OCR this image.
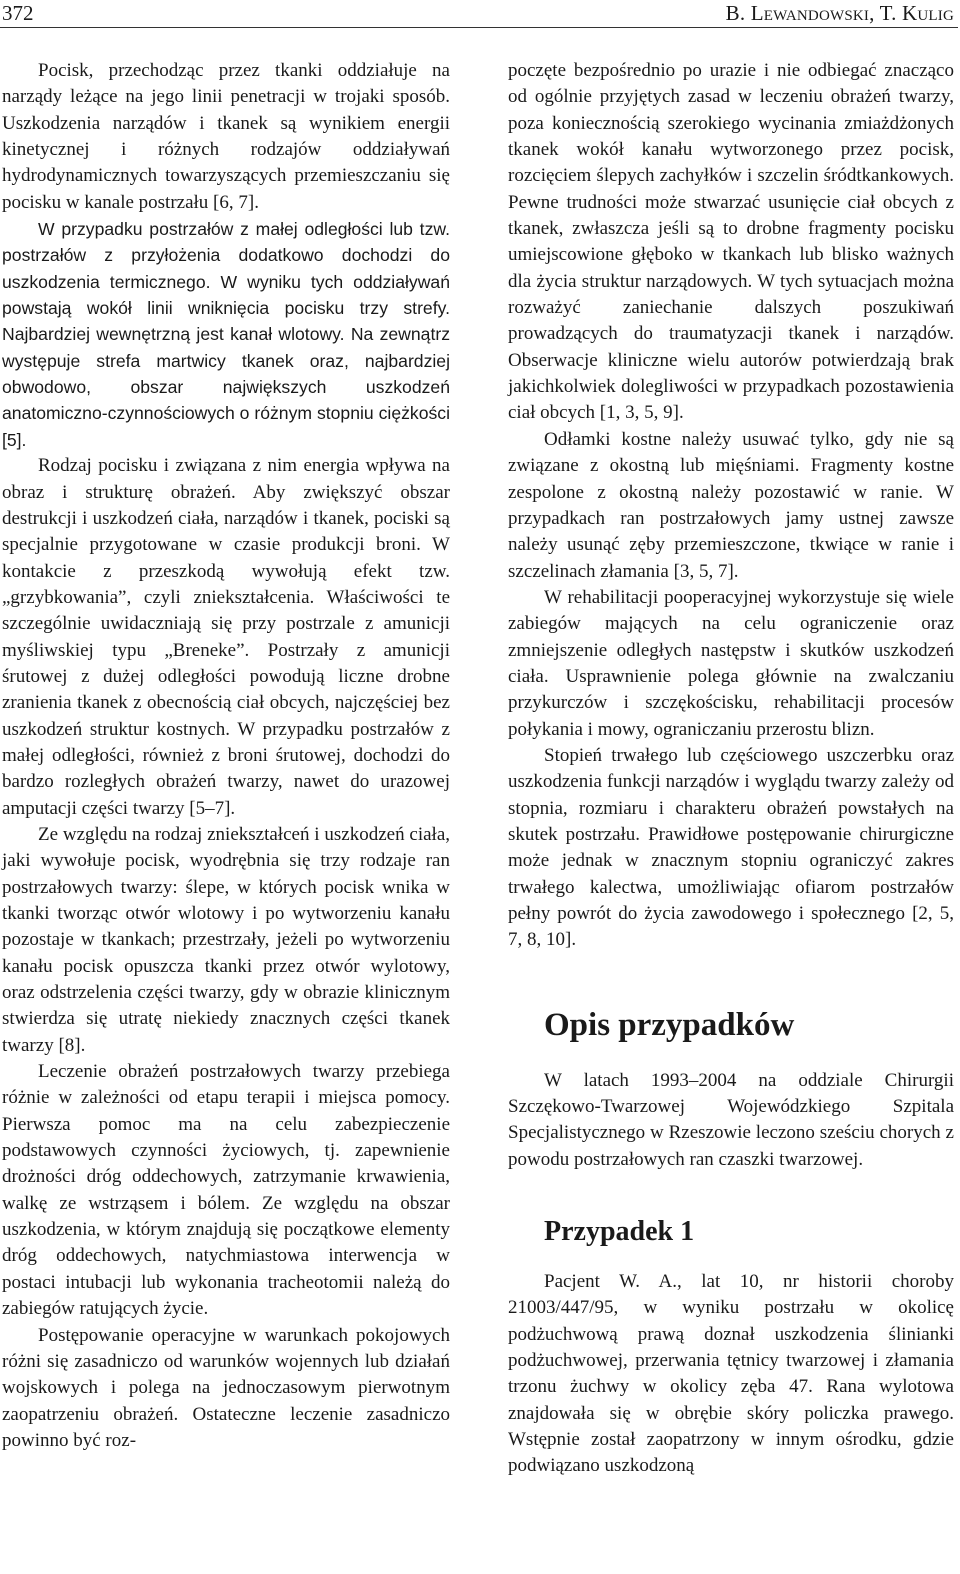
372	B. Lewandowski, T. Kulig

Pocisk, przechodząc przez tkanki oddziałuje na narządy leżące na jego linii penetracji w trojaki sposób. Uszkodzenia narządów i tkanek są wynikiem energii kinetycznej i różnych rodzajów oddziaływań hydrodynamicznych towarzyszących przemieszczaniu się pocisku w kanale postrzału [6, 7].

W przypadku postrzałów z małej odległości lub tzw. postrzałów z przyłożenia dodatkowo dochodzi do uszkodzenia termicznego. W wyniku tych oddziaływań powstają wokół linii wniknięcia pocisku trzy strefy. Najbardziej wewnętrzną jest kanał wlotowy. Na zewnątrz występuje strefa martwicy tkanek oraz, najbardziej obwodowo, obszar największych uszkodzeń anatomiczno-czynnościowych o różnym stopniu ciężkości [5].

Rodzaj pocisku i związana z nim energia wpływa na obraz i strukturę obrażeń. Aby zwiększyć obszar destrukcji i uszkodzeń ciała, narządów i tkanek, pociski są specjalnie przygotowane w czasie produkcji broni. W kontakcie z przeszkodą wywołują efekt tzw. „grzybkowania”, czyli zniekształcenia. Właściwości te szczególnie uwidaczniają się przy postrzale z amunicji myśliwskiej typu „Breneke”. Postrzały z amunicji śrutowej z dużej odległości powodują liczne drobne zranienia tkanek z obecnością ciał obcych, najczęściej bez uszkodzeń struktur kostnych. W przypadku postrzałów z małej odległości, również z broni śrutowej, dochodzi do bardzo rozległych obrażeń twarzy, nawet do urazowej amputacji części twarzy [5–7].

Ze względu na rodzaj zniekształceń i uszkodzeń ciała, jaki wywołuje pocisk, wyodrębnia się trzy rodzaje ran postrzałowych twarzy: ślepe, w których pocisk wnika w tkanki tworząc otwór wlotowy i po wytworzeniu kanału pozostaje w tkankach; przestrzały, jeżeli po wytworzeniu kanału pocisk opuszcza tkanki przez otwór wylotowy, oraz odstrzelenia części twarzy, gdy w obrazie klinicznym stwierdza się utratę niekiedy znacznych części tkanek twarzy [8].

Leczenie obrażeń postrzałowych twarzy przebiega różnie w zależności od etapu terapii i miejsca pomocy. Pierwsza pomoc ma na celu zabezpieczenie podstawowych czynności życiowych, tj. zapewnienie drożności dróg oddechowych, zatrzymanie krwawienia, walkę ze wstrząsem i bólem. Ze względu na obszar uszkodzenia, w którym znajdują się początkowe elementy dróg oddechowych, natychmiastowa interwencja w postaci intubacji lub wykonania tracheotomii należą do zabiegów ratujących życie.

Postępowanie operacyjne w warunkach pokojowych różni się zasadniczo od warunków wojennych lub działań wojskowych i polega na jednoczasowym pierwotnym zaopatrzeniu obrażeń. Ostateczne leczenie zasadniczo powinno być roz-

poczęte bezpośrednio po urazie i nie odbiegać znacząco od ogólnie przyjętych zasad w leczeniu obrażeń twarzy, poza koniecznością szerokiego wycinania zmiażdżonych tkanek wokół kanału wytworzonego przez pocisk, rozcięciem ślepych zachyłków i szczelin śródtkankowych. Pewne trudności może stwarzać usunięcie ciał obcych z tkanek, zwłaszcza jeśli są to drobne fragmenty pocisku umiejscowione głęboko w tkankach lub blisko ważnych dla życia struktur narządowych. W tych sytuacjach można rozważyć zaniechanie dalszych poszukiwań prowadzących do traumatyzacji tkanek i narządów. Obserwacje kliniczne wielu autorów potwierdzają brak jakichkolwiek dolegliwości w przypadkach pozostawienia ciał obcych [1, 3, 5, 9].

Odłamki kostne należy usuwać tylko, gdy nie są związane z okostną lub mięśniami. Fragmenty kostne zespolone z okostną należy pozostawić w ranie. W przypadkach ran postrzałowych jamy ustnej zawsze należy usunąć zęby przemieszczone, tkwiące w ranie i szczelinach złamania [3, 5, 7].

W rehabilitacji pooperacyjnej wykorzystuje się wiele zabiegów mających na celu ograniczenie oraz zmniejszenie odległych następstw i skutków uszkodzeń ciała. Usprawnienie polega głównie na zwalczaniu przykurczów i szczękościsku, rehabilitacji procesów połykania i mowy, ograniczaniu przerostu blizn.

Stopień trwałego lub częściowego uszczerbku oraz uszkodzenia funkcji narządów i wyglądu twarzy zależy od stopnia, rozmiaru i charakteru obrażeń powstałych na skutek postrzału. Prawidłowe postępowanie chirurgiczne może jednak w znacznym stopniu ograniczyć zakres trwałego kalectwa, umożliwiając ofiarom postrzałów pełny powrót do życia zawodowego i społecznego [2, 5, 7, 8, 10].

Opis przypadków

W latach 1993–2004 na oddziale Chirurgii Szczękowo-Twarzowej Wojewódzkiego Szpitala Specjalistycznego w Rzeszowie leczono sześciu chorych z powodu postrzałowych ran czaszki twarzowej.

Przypadek 1

Pacjent W. A., lat 10, nr historii choroby 21003/447/95, w wyniku postrzału w okolicę podżuchwową prawą doznał uszkodzenia ślinianki podżuchwowej, przerwania tętnicy twarzowej i złamania trzonu żuchwy w okolicy zęba 47. Rana wylotowa znajdowała się w obrębie skóry policzka prawego. Wstępnie został zaopatrzony w innym ośrodku, gdzie podwiązano uszkodzoną
